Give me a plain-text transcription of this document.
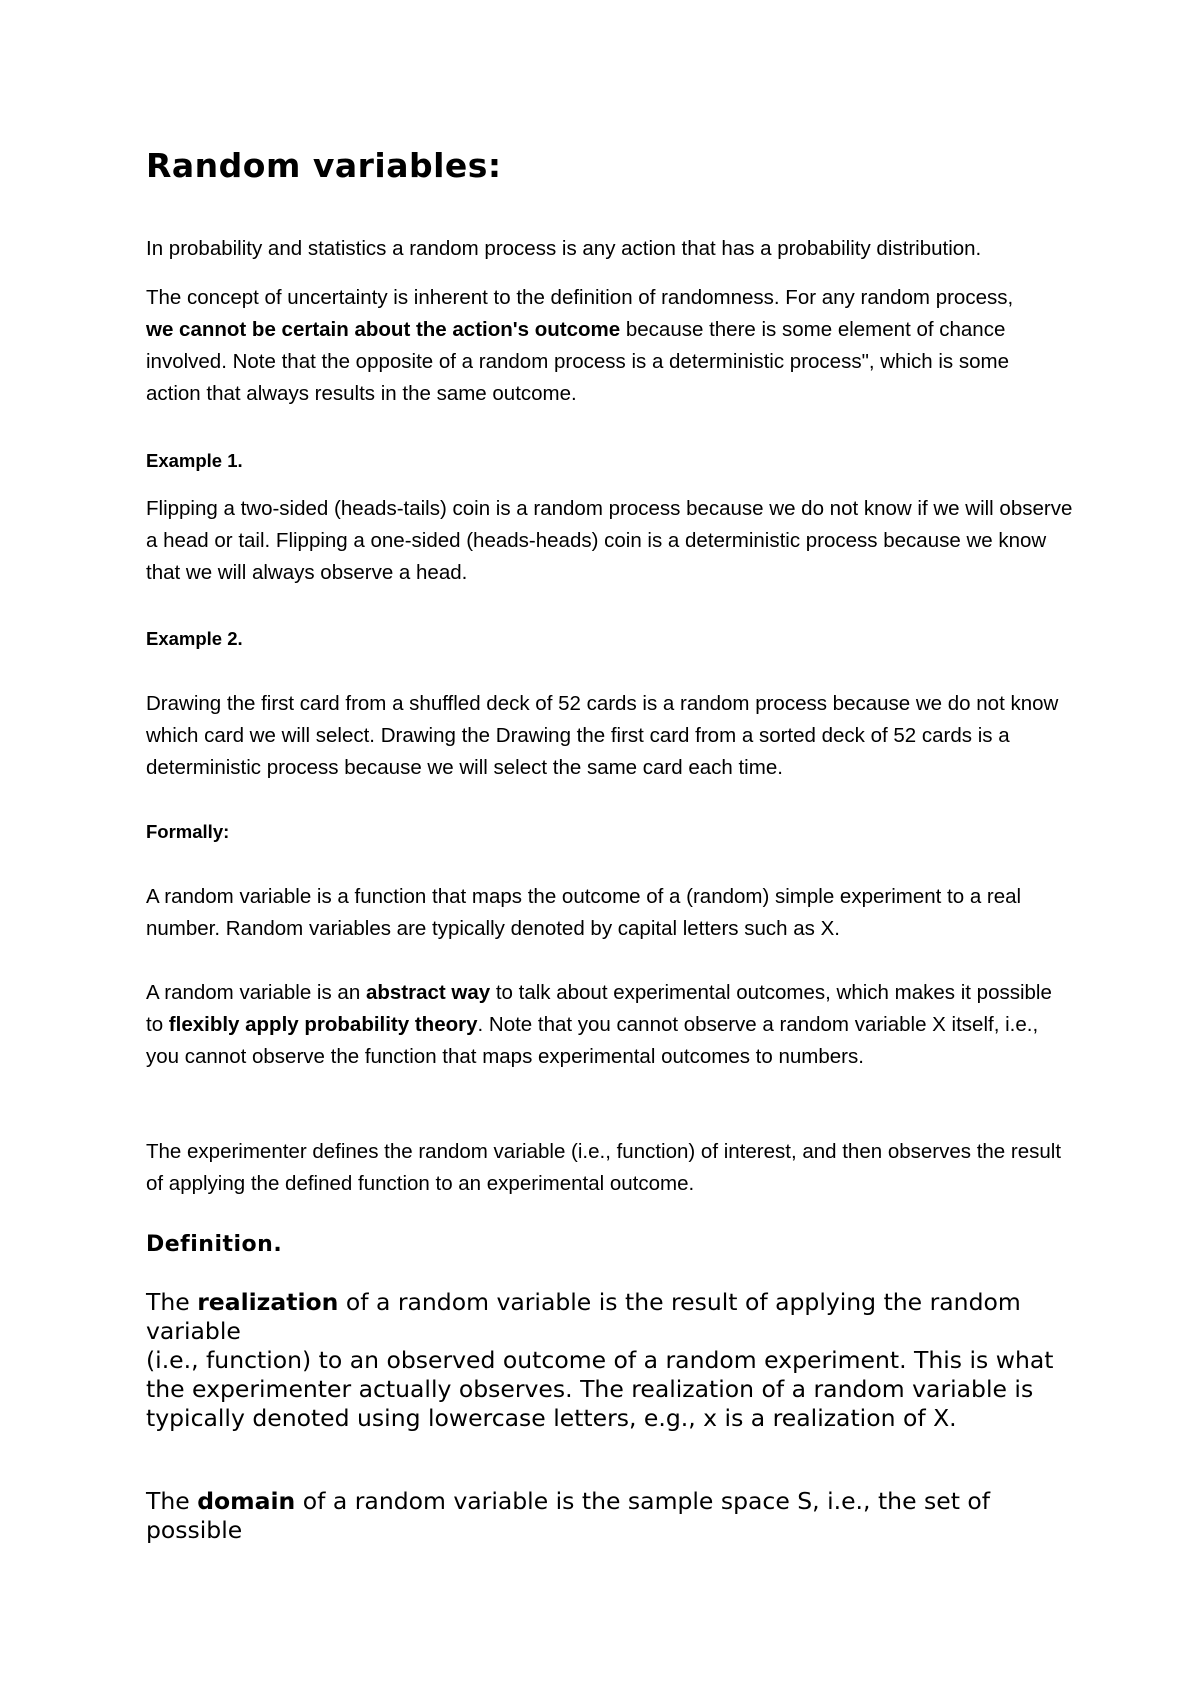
Random variables:

In probability and statistics a random process is any action that has a probability distribution.

The concept of uncertainty is inherent to the definition of randomness. For any random process, we cannot be certain about the action's outcome because there is some element of chance involved. Note that the opposite of a random process is a deterministic process", which is some action that always results in the same outcome.

Example 1.

Flipping a two-sided (heads-tails) coin is a random process because we do not know if we will observe a head or tail. Flipping a one-sided (heads-heads) coin is a deterministic process because we know that we will always observe a head.

Example 2.

Drawing the first card from a shuffled deck of 52 cards is a random process because we do not know which card we will select. Drawing the Drawing the first card from a sorted deck of 52 cards is a deterministic process because we will select the same card each time.

Formally:

A random variable is a function that maps the outcome of a (random) simple experiment to a real number. Random variables are typically denoted by capital letters such as X.

A random variable is an abstract way to talk about experimental outcomes, which makes it possible to flexibly apply probability theory. Note that you cannot observe a random variable X itself, i.e., you cannot observe the function that maps experimental outcomes to numbers.

The experimenter defines the random variable (i.e., function) of interest, and then observes the result of applying the defined function to an experimental outcome.

Definition.

The realization of a random variable is the result of applying the random variable

(i.e., function) to an observed outcome of a random experiment. This is what the experimenter actually observes. The realization of a random variable is typically denoted using lowercase letters, e.g., x is a realization of X.

The domain of a random variable is the sample space S, i.e., the set of possible
